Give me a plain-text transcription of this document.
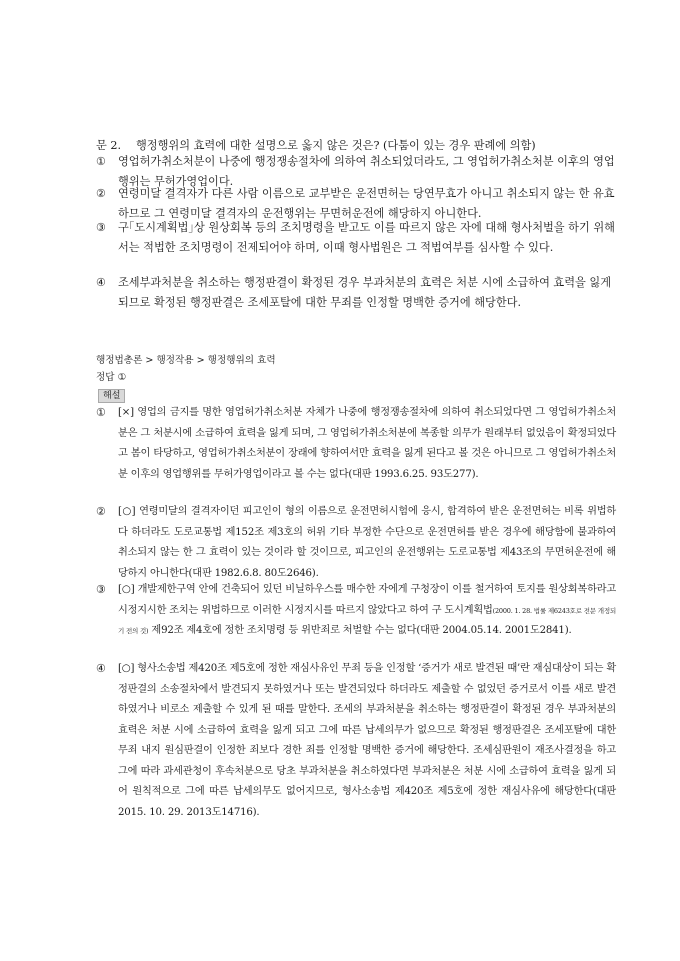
문 2. 행정행위의 효력에 대한 설명으로 옳지 않은 것은? (다툼이 있는 경우 판례에 의함)
① 영업허가취소처분이 나중에 행정쟁송절차에 의하여 취소되었더라도, 그 영업허가취소처분 이후의 영업행위는 무허가영업이다.
② 연령미달 결격자가 다른 사람 이름으로 교부받은 운전면허는 당연무효가 아니고 취소되지 않는 한 유효하므로 그 연령미달 결격자의 운전행위는 무면허운전에 해당하지 아니한다.
③ 구｢도시계획법｣상 원상회복 등의 조치명령을 받고도 이를 따르지 않은 자에 대해 형사처벌을 하기 위해서는 적법한 조치명령이 전제되어야 하며, 이때 형사법원은 그 적법여부를 심사할 수 있다.
④ 조세부과처분을 취소하는 행정판결이 확정된 경우 부과처분의 효력은 처분 시에 소급하여 효력을 잃게 되므로 확정된 행정판결은 조세포탈에 대한 무죄를 인정할 명백한 증거에 해당한다.
행정법총론 > 행정작용 > 행정행위의 효력
정답 ①
해설
① [×] 영업의 금지를 명한 영업허가취소처분 자체가 나중에 행정쟁송절차에 의하여 취소되었다면 그 영업허가취소처분은 그 처분시에 소급하여 효력을 잃게 되며, 그 영업허가취소처분에 복종할 의무가 원래부터 없었음이 확정되었다고 봄이 타당하고, 영업허가취소처분이 장래에 향하여서만 효력을 잃게 된다고 볼 것은 아니므로 그 영업허가취소처분 이후의 영업행위를 무허가영업이라고 볼 수는 없다(대판 1993.6.25. 93도277).
② [○] 연령미달의 결격자이던 피고인이 형의 이름으로 운전면허시험에 응시, 합격하여 받은 운전면허는 비록 위법하다 하더라도 도로교통법 제152조 제3호의 허위 기타 부정한 수단으로 운전면허를 받은 경우에 해당함에 불과하여 취소되지 않는 한 그 효력이 있는 것이라 할 것이므로, 피고인의 운전행위는 도로교통법 제43조의 무면허운전에 해당하지 아니한다(대판 1982.6.8. 80도2646).
③ [○] 개발제한구역 안에 건축되어 있던 비닐하우스를 매수한 자에게 구청장이 이를 철거하여 토지를 원상회복하라고 시정지시한 조치는 위법하므로 이러한 시정지시를 따르지 않았다고 하여 구 도시계획법(2000. 1. 28. 법률 제6243호로 전문 개정되기 전의 것) 제92조 제4호에 정한 조치명령 등 위반죄로 처벌할 수는 없다(대판 2004.05.14. 2001도2841).
④ [○] 형사소송법 제420조 제5호에 정한 재심사유인 무죄 등을 인정할 ‘증거가 새로 발견된 때’란 재심대상이 되는 확정판결의 소송절차에서 발견되지 못하였거나 또는 발견되었다 하더라도 제출할 수 없었던 증거로서 이를 새로 발견하였거나 비로소 제출할 수 있게 된 때를 말한다. 조세의 부과처분을 취소하는 행정판결이 확정된 경우 부과처분의 효력은 처분 시에 소급하여 효력을 잃게 되고 그에 따른 납세의무가 없으므로 확정된 행정판결은 조세포탈에 대한 무죄 내지 원심판결이 인정한 죄보다 경한 죄를 인정할 명백한 증거에 해당한다. 조세심판원이 재조사결정을 하고 그에 따라 과세관청이 후속처분으로 당초 부과처분을 취소하였다면 부과처분은 처분 시에 소급하여 효력을 잃게 되어 원칙적으로 그에 따른 납세의무도 없어지므로, 형사소송법 제420조 제5호에 정한 재심사유에 해당한다(대판 2015. 10. 29. 2013도14716).
